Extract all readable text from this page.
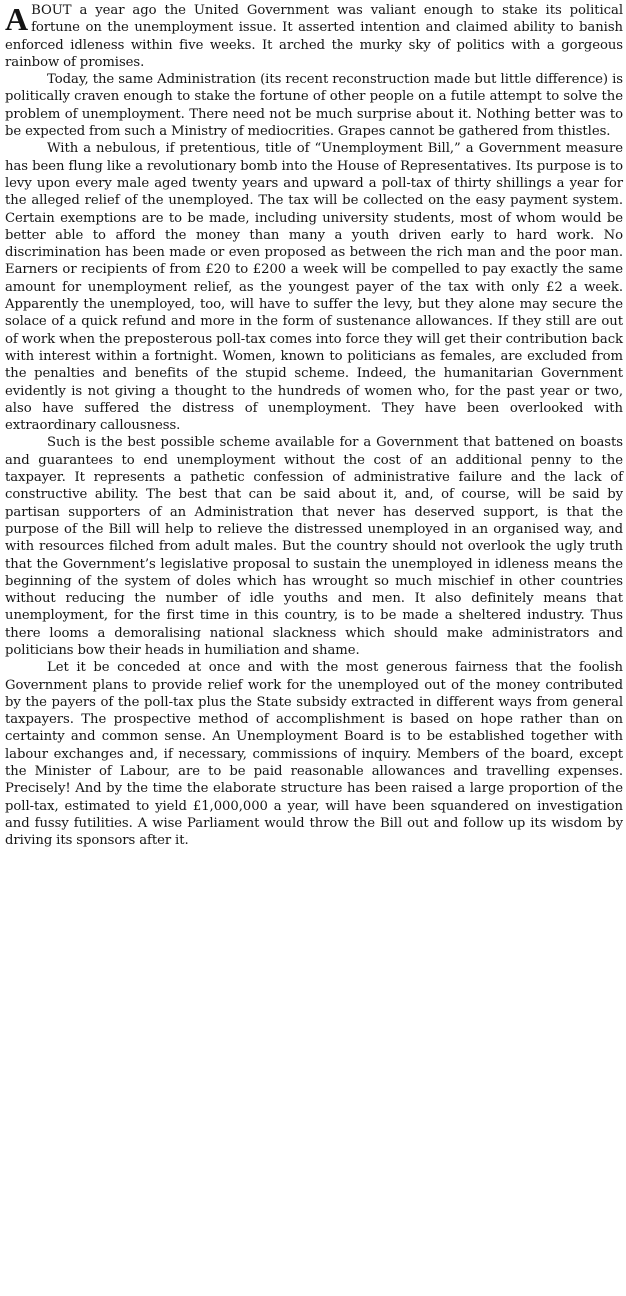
ABOUT a year ago the United Government was valiant enough to stake its political fortune on the unemployment issue. It asserted intention and claimed ability to banish enforced idleness within five weeks. It arched the murky sky of politics with a gorgeous rainbow of promises.

Today, the same Administration (its recent reconstruction made but little difference) is politically craven enough to stake the fortune of other people on a futile attempt to solve the problem of unemployment. There need not be much surprise about it. Nothing better was to be expected from such a Ministry of mediocrities. Grapes cannot be gathered from thistles.

With a nebulous, if pretentious, title of “Unemployment Bill,” a Government measure has been flung like a revolutionary bomb into the House of Representatives. Its purpose is to levy upon every male aged twenty years and upward a poll-tax of thirty shillings a year for the alleged relief of the unemployed. The tax will be collected on the easy payment system. Certain exemptions are to be made, including university students, most of whom would be better able to afford the money than many a youth driven early to hard work. No discrimination has been made or even proposed as between the rich man and the poor man. Earners or recipients of from £20 to £200 a week will be compelled to pay exactly the same amount for unemployment relief, as the youngest payer of the tax with only £2 a week. Apparently the unemployed, too, will have to suffer the levy, but they alone may secure the solace of a quick refund and more in the form of sustenance allowances. If they still are out of work when the preposterous poll-tax comes into force they will get their contribution back with interest within a fortnight. Women, known to politicians as females, are excluded from the penalties and benefits of the stupid scheme. Indeed, the humanitarian Government evidently is not giving a thought to the hundreds of women who, for the past year or two, also have suffered the distress of unemployment. They have been overlooked with extraordinary callousness.

Such is the best possible scheme available for a Government that battened on boasts and guarantees to end unemployment without the cost of an additional penny to the taxpayer. It represents a pathetic confession of administrative failure and the lack of constructive ability. The best that can be said about it, and, of course, will be said by partisan supporters of an Administration that never has deserved support, is that the purpose of the Bill will help to relieve the distressed unemployed in an organised way, and with resources filched from adult males. But the country should not overlook the ugly truth that the Government’s legislative proposal to sustain the unemployed in idleness means the beginning of the system of doles which has wrought so much mischief in other countries without reducing the number of idle youths and men. It also definitely means that unemployment, for the first time in this country, is to be made a sheltered industry. Thus there looms a demoralising national slackness which should make administrators and politicians bow their heads in humiliation and shame.

Let it be conceded at once and with the most generous fairness that the foolish Government plans to provide relief work for the unemployed out of the money contributed by the payers of the poll-tax plus the State subsidy extracted in different ways from general taxpayers. The prospective method of accomplishment is based on hope rather than on certainty and common sense. An Unemployment Board is to be established together with labour exchanges and, if necessary, commissions of inquiry. Members of the board, except the Minister of Labour, are to be paid reasonable allowances and travelling expenses. Precisely! And by the time the elaborate structure has been raised a large proportion of the poll-tax, estimated to yield £1,000,000 a year, will have been squandered on investigation and fussy futilities. A wise Parliament would throw the Bill out and follow up its wisdom by driving its sponsors after it.
